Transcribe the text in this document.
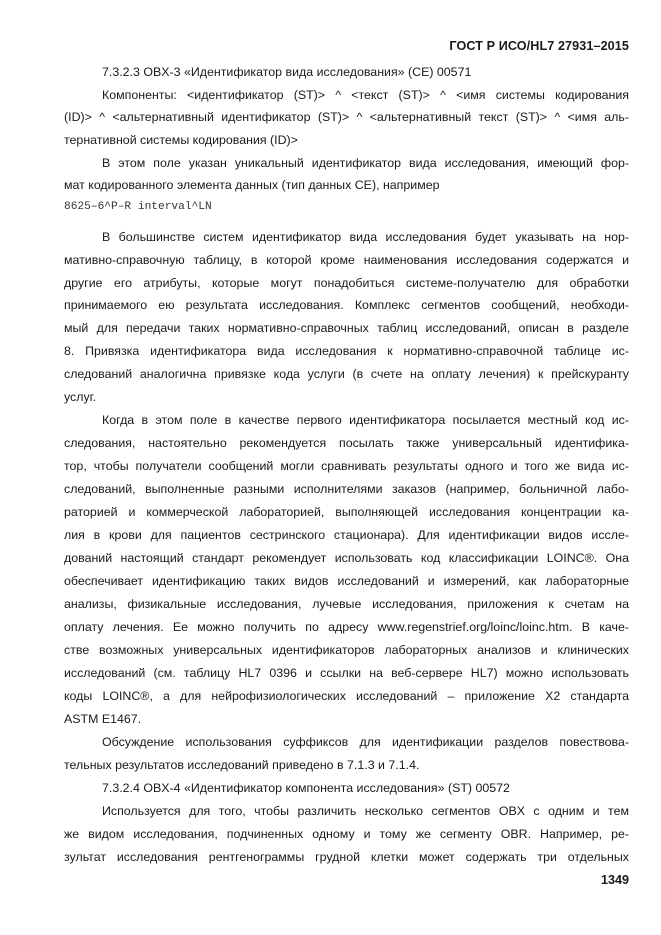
ГОСТ Р ИСО/HL7 27931–2015
7.3.2.3 OBX-3 «Идентификатор вида исследования» (CE) 00571
Компоненты: <идентификатор (ST)> ^ <текст (ST)> ^ <имя системы кодирования
(ID)> ^ <альтернативный идентификатор (ST)> ^ <альтернативный текст (ST)> ^ <имя аль-
тернативной системы кодирования (ID)>
В этом поле указан уникальный идентификатор вида исследования, имеющий фор-
мат кодированного элемента данных (тип данных CE), например
8625–6^P–R interval^LN
В большинстве систем идентификатор вида исследования будет указывать на нор-
мативно-справочную таблицу, в которой кроме наименования исследования содержатся и
другие его атрибуты, которые могут понадобиться системе-получателю для обработки
принимаемого ею результата исследования. Комплекс сегментов сообщений, необходи-
мый для передачи таких нормативно-справочных таблиц исследований, описан в разделе
8. Привязка идентификатора вида исследования к нормативно-справочной таблице ис-
следований аналогична привязке кода услуги (в счете на оплату лечения) к прейскуранту
услуг.
Когда в этом поле в качестве первого идентификатора посылается местный код ис-
следования, настоятельно рекомендуется посылать также универсальный идентифика-
тор, чтобы получатели сообщений могли сравнивать результаты одного и того же вида ис-
следований, выполненные разными исполнителями заказов (например, больничной лабо-
раторией и коммерческой лабораторией, выполняющей исследования концентрации ка-
лия в крови для пациентов сестринского стационара). Для идентификации видов иссле-
дований настоящий стандарт рекомендует использовать код классификации LOINC®. Она
обеспечивает идентификацию таких видов исследований и измерений, как лабораторные
анализы, физикальные исследования, лучевые исследования, приложения к счетам на
оплату лечения. Ее можно получить по адресу www.regenstrief.org/loinc/loinc.htm. В каче-
стве возможных универсальных идентификаторов лабораторных анализов и клинических
исследований (см. таблицу HL7 0396 и ссылки на веб-сервере HL7) можно использовать
коды LOINC®, а для нейрофизиологических исследований – приложение X2 стандарта
ASTM E1467.
Обсуждение использования суффиксов для идентификации разделов повествова-
тельных результатов исследований приведено в 7.1.3 и 7.1.4.
7.3.2.4 OBX-4 «Идентификатор компонента исследования» (ST) 00572
Используется для того, чтобы различить несколько сегментов OBX с одним и тем
же видом исследования, подчиненных одному и тому же сегменту OBR. Например, ре-
зультат исследования рентгенограммы грудной клетки может содержать три отдельных
1349
